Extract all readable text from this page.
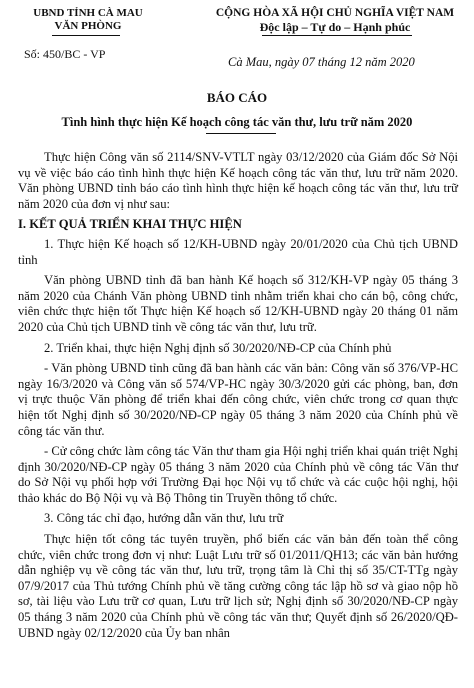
UBND TỈNH CÀ MAU
VĂN PHÒNG
Số: 450/BC - VP
CỘNG HÒA XÃ HỘI CHỦ NGHĨA VIỆT NAM
Độc lập – Tự do – Hạnh phúc
Cà Mau, ngày 07 tháng 12 năm 2020
BÁO CÁO
Tình hình thực hiện Kế hoạch công tác văn thư, lưu trữ năm 2020

Thực hiện Công văn số 2114/SNV-VTLT ngày 03/12/2020 của Giám đốc Sở Nội vụ về việc báo cáo tình hình thực hiện Kế hoạch công tác văn thư, lưu trữ năm 2020. Văn phòng UBND tỉnh báo cáo tình hình thực hiện kế hoạch công tác văn thư, lưu trữ năm 2020 của đơn vị như sau:

I. KẾT QUẢ TRIỂN KHAI THỰC HIỆN

1. Thực hiện Kế hoạch số 12/KH-UBND ngày 20/01/2020 của Chủ tịch UBND tỉnh

Văn phòng UBND tỉnh đã ban hành Kế hoạch số 312/KH-VP ngày 05 tháng 3 năm 2020 của Chánh Văn phòng UBND tỉnh nhằm triển khai cho cán bộ, công chức, viên chức thực hiện tốt Thực hiện Kế hoạch số 12/KH-UBND ngày 20 tháng 01 năm 2020 của Chủ tịch UBND tỉnh về công tác văn thư, lưu trữ.

2. Triển khai, thực hiện Nghị định số 30/2020/NĐ-CP của Chính phủ

- Văn phòng UBND tỉnh cũng đã ban hành các văn bản: Công văn số 376/VP-HC ngày 16/3/2020 và Công văn số 574/VP-HC ngày 30/3/2020 gửi các phòng, ban, đơn vị trực thuộc Văn phòng để triển khai đến công chức, viên chức trong cơ quan thực hiện tốt Nghị định số 30/2020/NĐ-CP ngày 05 tháng 3 năm 2020 của Chính phủ về công tác văn thư.

- Cử công chức làm công tác Văn thư tham gia Hội nghị triển khai quán triệt Nghị định 30/2020/NĐ-CP ngày 05 tháng 3 năm 2020 của Chính phủ về công tác Văn thư do Sở Nội vụ phối hợp với Trường Đại học Nội vụ tổ chức và các cuộc hội nghị, hội thảo khác do Bộ Nội vụ và Bộ Thông tin Truyền thông tổ chức.

3. Công tác chỉ đạo, hướng dẫn văn thư, lưu trữ

Thực hiện tốt công tác tuyên truyền, phổ biến các văn bản đến toàn thể công chức, viên chức trong đơn vị như: Luật Lưu trữ số 01/2011/QH13; các văn bản hướng dẫn nghiệp vụ về công tác văn thư, lưu trữ, trọng tâm là Chỉ thị số 35/CT-TTg ngày 07/9/2017 của Thủ tướng Chính phủ về tăng cường công tác lập hồ sơ và giao nộp hồ sơ, tài liệu vào Lưu trữ cơ quan, Lưu trữ lịch sử; Nghị định số 30/2020/NĐ-CP ngày 05 tháng 3 năm 2020 của Chính phủ về công tác văn thư; Quyết định số 26/2020/QĐ-UBND ngày 02/12/2020 của Ủy ban nhân
